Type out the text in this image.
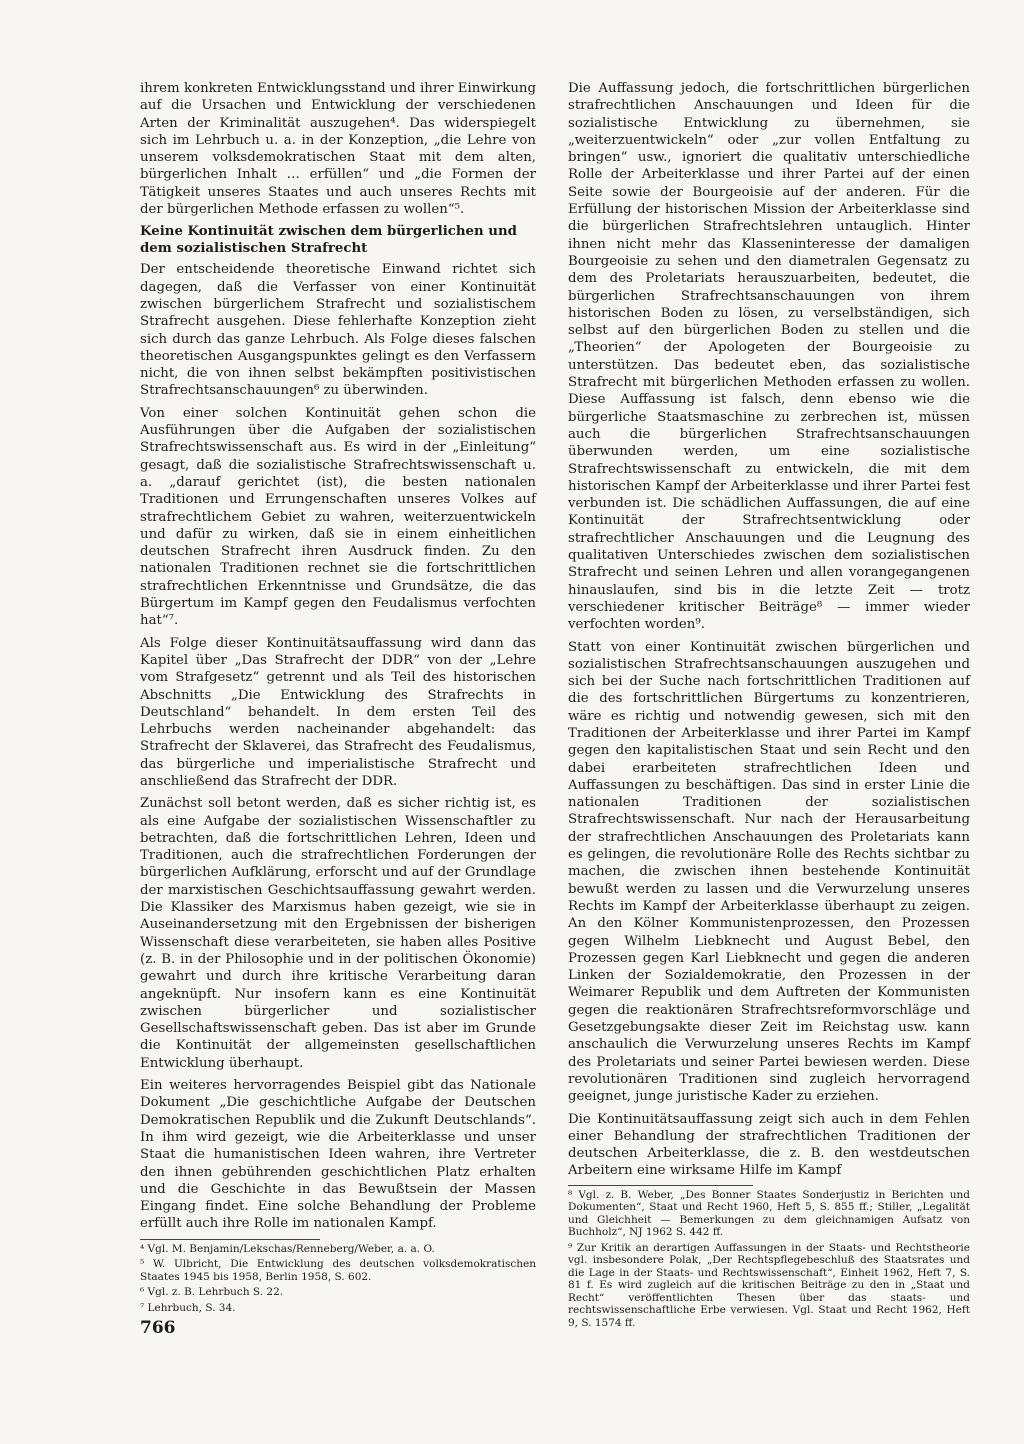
ihrem konkreten Entwicklungsstand und ihrer Einwirkung auf die Ursachen und Entwicklung der verschiedenen Arten der Kriminalität auszugehen⁴. Das widerspiegelt sich im Lehrbuch u. a. in der Konzeption, „die Lehre von unserem volksdemokratischen Staat mit dem alten, bürgerlichen Inhalt … erfüllen“ und „die Formen der Tätigkeit unseres Staates und auch unseres Rechts mit der bürgerlichen Methode erfassen zu wollen“⁵.

Keine Kontinuität zwischen dem bürgerlichen und dem sozialistischen Strafrecht

Der entscheidende theoretische Einwand richtet sich dagegen, daß die Verfasser von einer Kontinuität zwischen bürgerlichem Strafrecht und sozialistischem Strafrecht ausgehen. Diese fehlerhafte Konzeption zieht sich durch das ganze Lehrbuch. Als Folge dieses falschen theoretischen Ausgangspunktes gelingt es den Verfassern nicht, die von ihnen selbst bekämpften positivistischen Strafrechtsanschauungen⁶ zu überwinden.

Von einer solchen Kontinuität gehen schon die Ausführungen über die Aufgaben der sozialistischen Strafrechtswissenschaft aus. Es wird in der „Einleitung“ gesagt, daß die sozialistische Strafrechtswissenschaft u. a. „darauf gerichtet (ist), die besten nationalen Traditionen und Errungenschaften unseres Volkes auf strafrechtlichem Gebiet zu wahren, weiterzuentwickeln und dafür zu wirken, daß sie in einem einheitlichen deutschen Strafrecht ihren Ausdruck finden. Zu den nationalen Traditionen rechnet sie die fortschrittlichen strafrechtlichen Erkenntnisse und Grundsätze, die das Bürgertum im Kampf gegen den Feudalismus verfochten hat“⁷.

Als Folge dieser Kontinuitätsauffassung wird dann das Kapitel über „Das Strafrecht der DDR“ von der „Lehre vom Strafgesetz“ getrennt und als Teil des historischen Abschnitts „Die Entwicklung des Strafrechts in Deutschland“ behandelt. In dem ersten Teil des Lehrbuchs werden nacheinander abgehandelt: das Strafrecht der Sklaverei, das Strafrecht des Feudalismus, das bürgerliche und imperialistische Strafrecht und anschließend das Strafrecht der DDR.

Zunächst soll betont werden, daß es sicher richtig ist, es als eine Aufgabe der sozialistischen Wissenschaftler zu betrachten, daß die fortschrittlichen Lehren, Ideen und Traditionen, auch die strafrechtlichen Forderungen der bürgerlichen Aufklärung, erforscht und auf der Grundlage der marxistischen Geschichtsauffassung gewahrt werden. Die Klassiker des Marxismus haben gezeigt, wie sie in Auseinandersetzung mit den Ergebnissen der bisherigen Wissenschaft diese verarbeiteten, sie haben alles Positive (z. B. in der Philosophie und in der politischen Ökonomie) gewahrt und durch ihre kritische Verarbeitung daran angeknüpft. Nur insofern kann es eine Kontinuität zwischen bürgerlicher und sozialistischer Gesellschaftswissenschaft geben. Das ist aber im Grunde die Kontinuität der allgemeinsten gesellschaftlichen Entwicklung überhaupt.

Ein weiteres hervorragendes Beispiel gibt das Nationale Dokument „Die geschichtliche Aufgabe der Deutschen Demokratischen Republik und die Zukunft Deutschlands“. In ihm wird gezeigt, wie die Arbeiterklasse und unser Staat die humanistischen Ideen wahren, ihre Vertreter den ihnen gebührenden geschichtlichen Platz erhalten und die Geschichte in das Bewußtsein der Massen Eingang findet. Eine solche Behandlung der Probleme erfüllt auch ihre Rolle im nationalen Kampf.

⁴ Vgl. M. Benjamin/Lekschas/Renneberg/Weber, a. a. O.

⁵ W. Ulbricht, Die Entwicklung des deutschen volksdemokratischen Staates 1945 bis 1958, Berlin 1958, S. 602.

⁶ Vgl. z. B. Lehrbuch S. 22.

⁷ Lehrbuch, S. 34.

Die Auffassung jedoch, die fortschrittlichen bürgerlichen strafrechtlichen Anschauungen und Ideen für die sozialistische Entwicklung zu übernehmen, sie „weiterzuentwickeln“ oder „zur vollen Entfaltung zu bringen“ usw., ignoriert die qualitativ unterschiedliche Rolle der Arbeiterklasse und ihrer Partei auf der einen Seite sowie der Bourgeoisie auf der anderen. Für die Erfüllung der historischen Mission der Arbeiterklasse sind die bürgerlichen Strafrechtslehren untauglich. Hinter ihnen nicht mehr das Klasseninteresse der damaligen Bourgeoisie zu sehen und den diametralen Gegensatz zu dem des Proletariats herauszuarbeiten, bedeutet, die bürgerlichen Strafrechtsanschauungen von ihrem historischen Boden zu lösen, zu verselbständigen, sich selbst auf den bürgerlichen Boden zu stellen und die „Theorien“ der Apologeten der Bourgeoisie zu unterstützen. Das bedeutet eben, das sozialistische Strafrecht mit bürgerlichen Methoden erfassen zu wollen. Diese Auffassung ist falsch, denn ebenso wie die bürgerliche Staatsmaschine zu zerbrechen ist, müssen auch die bürgerlichen Strafrechtsanschauungen überwunden werden, um eine sozialistische Strafrechtswissenschaft zu entwickeln, die mit dem historischen Kampf der Arbeiterklasse und ihrer Partei fest verbunden ist. Die schädlichen Auffassungen, die auf eine Kontinuität der Strafrechtsentwicklung oder strafrechtlicher Anschauungen und die Leugnung des qualitativen Unterschiedes zwischen dem sozialistischen Strafrecht und seinen Lehren und allen vorangegangenen hinauslaufen, sind bis in die letzte Zeit — trotz verschiedener kritischer Beiträge⁸ — immer wieder verfochten worden⁹.

Statt von einer Kontinuität zwischen bürgerlichen und sozialistischen Strafrechtsanschauungen auszugehen und sich bei der Suche nach fortschrittlichen Traditionen auf die des fortschrittlichen Bürgertums zu konzentrieren, wäre es richtig und notwendig gewesen, sich mit den Traditionen der Arbeiterklasse und ihrer Partei im Kampf gegen den kapitalistischen Staat und sein Recht und den dabei erarbeiteten strafrechtlichen Ideen und Auffassungen zu beschäftigen. Das sind in erster Linie die nationalen Traditionen der sozialistischen Strafrechtswissenschaft. Nur nach der Herausarbeitung der strafrechtlichen Anschauungen des Proletariats kann es gelingen, die revolutionäre Rolle des Rechts sichtbar zu machen, die zwischen ihnen bestehende Kontinuität bewußt werden zu lassen und die Verwurzelung unseres Rechts im Kampf der Arbeiterklasse überhaupt zu zeigen. An den Kölner Kommunistenprozessen, den Prozessen gegen Wilhelm Liebknecht und August Bebel, den Prozessen gegen Karl Liebknecht und gegen die anderen Linken der Sozialdemokratie, den Prozessen in der Weimarer Republik und dem Auftreten der Kommunisten gegen die reaktionären Strafrechtsreformvorschläge und Gesetzgebungsakte dieser Zeit im Reichstag usw. kann anschaulich die Verwurzelung unseres Rechts im Kampf des Proletariats und seiner Partei bewiesen werden. Diese revolutionären Traditionen sind zugleich hervorragend geeignet, junge juristische Kader zu erziehen.

Die Kontinuitätsauffassung zeigt sich auch in dem Fehlen einer Behandlung der strafrechtlichen Traditionen der deutschen Arbeiterklasse, die z. B. den westdeutschen Arbeitern eine wirksame Hilfe im Kampf

⁸ Vgl. z. B. Weber, „Des Bonner Staates Sonderjustiz in Berichten und Dokumenten“, Staat und Recht 1960, Heft 5, S. 855 ff.; Stiller, „Legalität und Gleichheit — Bemerkungen zu dem gleichnamigen Aufsatz von Buchholz“, NJ 1962 S. 442 ff.

⁹ Zur Kritik an derartigen Auffassungen in der Staats- und Rechtstheorie vgl. insbesondere Polak, „Der Rechtspflegebeschluß des Staatsrates und die Lage in der Staats- und Rechtswissenschaft“, Einheit 1962, Heft 7, S. 81 f. Es wird zugleich auf die kritischen Beiträge zu den in „Staat und Recht“ veröffentlichten Thesen über das staats- und rechtswissenschaftliche Erbe verwiesen. Vgl. Staat und Recht 1962, Heft 9, S. 1574 ff.

766
